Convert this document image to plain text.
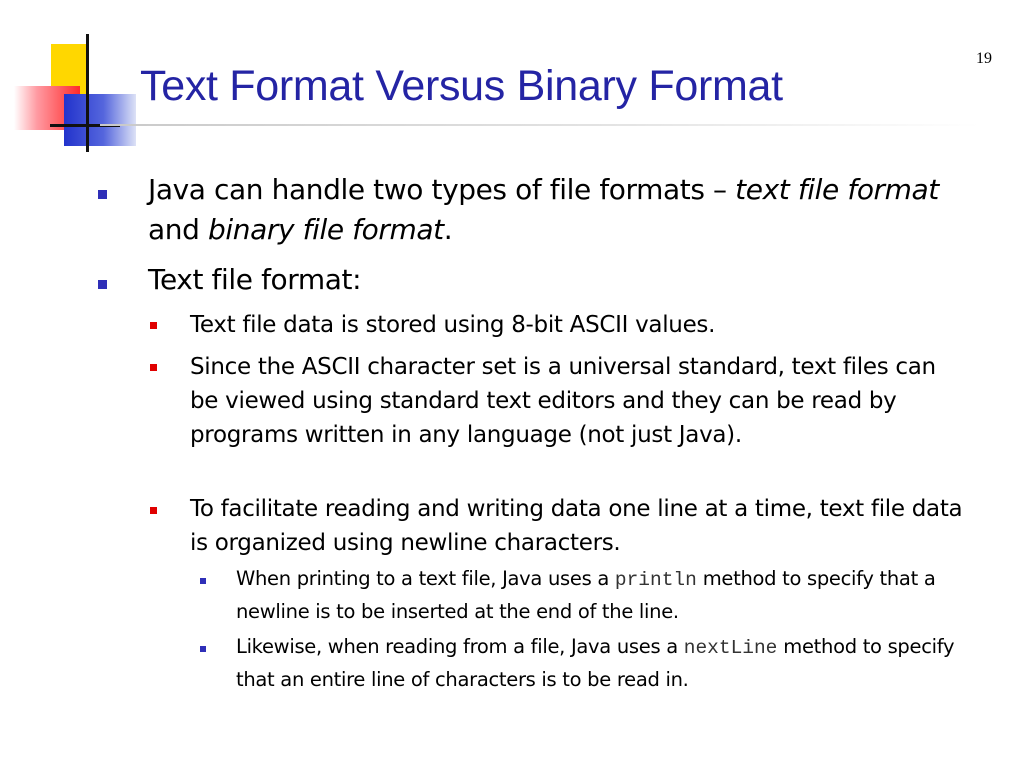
19
Text Format Versus Binary Format
Java can handle two types of file formats – text file format and binary file format.
Text file format:
Text file data is stored using 8-bit ASCII values.
Since the ASCII character set is a universal standard, text files can be viewed using standard text editors and they can be read by programs written in any language (not just Java).
To facilitate reading and writing data one line at a time, text file data is organized using newline characters.
When printing to a text file, Java uses a println method to specify that a newline is to be inserted at the end of the line.
Likewise, when reading from a file, Java uses a nextLine method to specify that an entire line of characters is to be read in.
